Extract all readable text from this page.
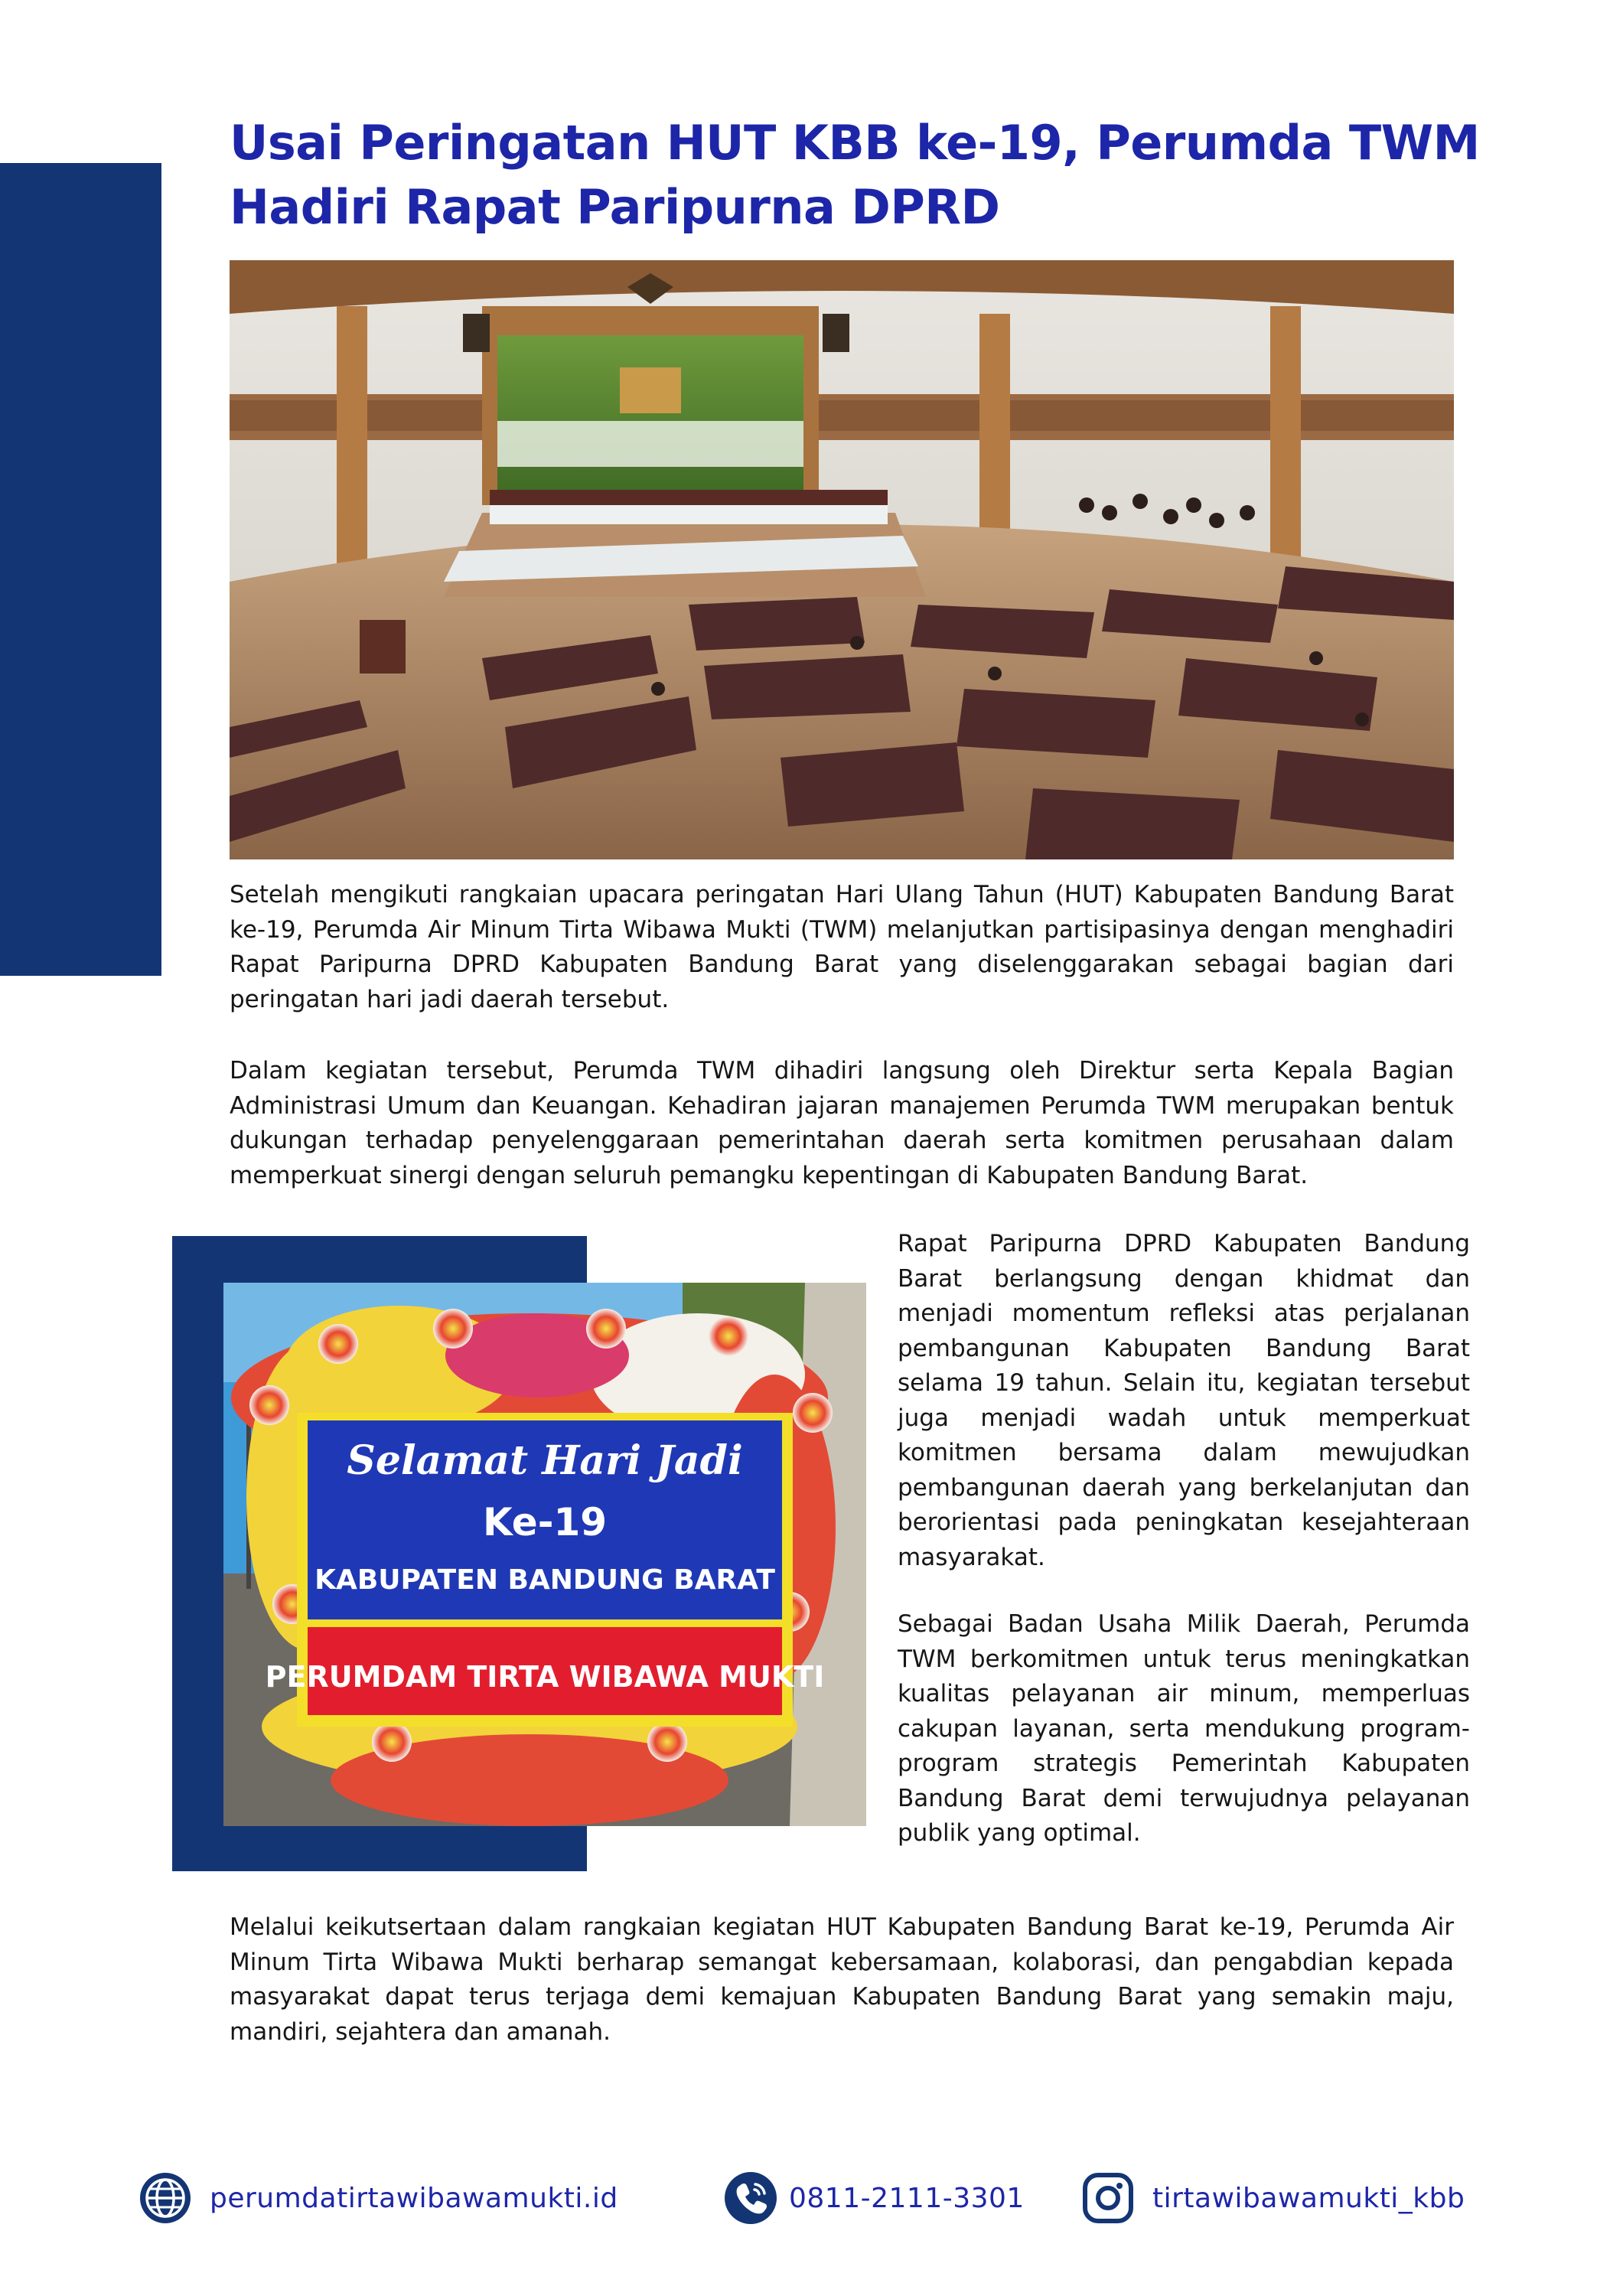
Usai Peringatan HUT KBB ke-19, Perumda TWM
Hadiri Rapat Paripurna DPRD

Setelah mengikuti rangkaian upacara peringatan Hari Ulang Tahun (HUT) Kabupaten Bandung Barat ke-19, Perumda Air Minum Tirta Wibawa Mukti (TWM) melanjutkan partisipasinya dengan menghadiri Rapat Paripurna DPRD Kabupaten Bandung Barat yang diselenggarakan sebagai bagian dari peringatan hari jadi daerah tersebut.

Dalam kegiatan tersebut, Perumda TWM dihadiri langsung oleh Direktur serta Kepala Bagian Administrasi Umum dan Keuangan. Kehadiran jajaran manajemen Perumda TWM merupakan bentuk dukungan terhadap penyelenggaraan pemerintahan daerah serta komitmen perusahaan dalam memperkuat sinergi dengan seluruh pemangku kepentingan di Kabupaten Bandung Barat.

Selamat Hari Jadi
Ke-19
KABUPATEN BANDUNG BARAT
PERUMDAM TIRTA WIBAWA MUKTI

Rapat Paripurna DPRD Kabupaten Bandung Barat berlangsung dengan khidmat dan menjadi momentum refleksi atas perjalanan pembangunan Kabupaten Bandung Barat selama 19 tahun. Selain itu, kegiatan tersebut juga menjadi wadah untuk memperkuat komitmen bersama dalam mewujudkan pembangunan daerah yang berkelanjutan dan berorientasi pada peningkatan kesejahteraan masyarakat.

Sebagai Badan Usaha Milik Daerah, Perumda TWM berkomitmen untuk terus meningkatkan kualitas pelayanan air minum, memperluas cakupan layanan, serta mendukung program-program strategis Pemerintah Kabupaten Bandung Barat demi terwujudnya pelayanan publik yang optimal.

Melalui keikutsertaan dalam rangkaian kegiatan HUT Kabupaten Bandung Barat ke-19, Perumda Air Minum Tirta Wibawa Mukti berharap semangat kebersamaan, kolaborasi, dan pengabdian kepada masyarakat dapat terus terjaga demi kemajuan Kabupaten Bandung Barat yang semakin maju, mandiri, sejahtera dan amanah.

perumdatirtawibawamukti.id	0811-2111-3301	tirtawibawamukti_kbb
